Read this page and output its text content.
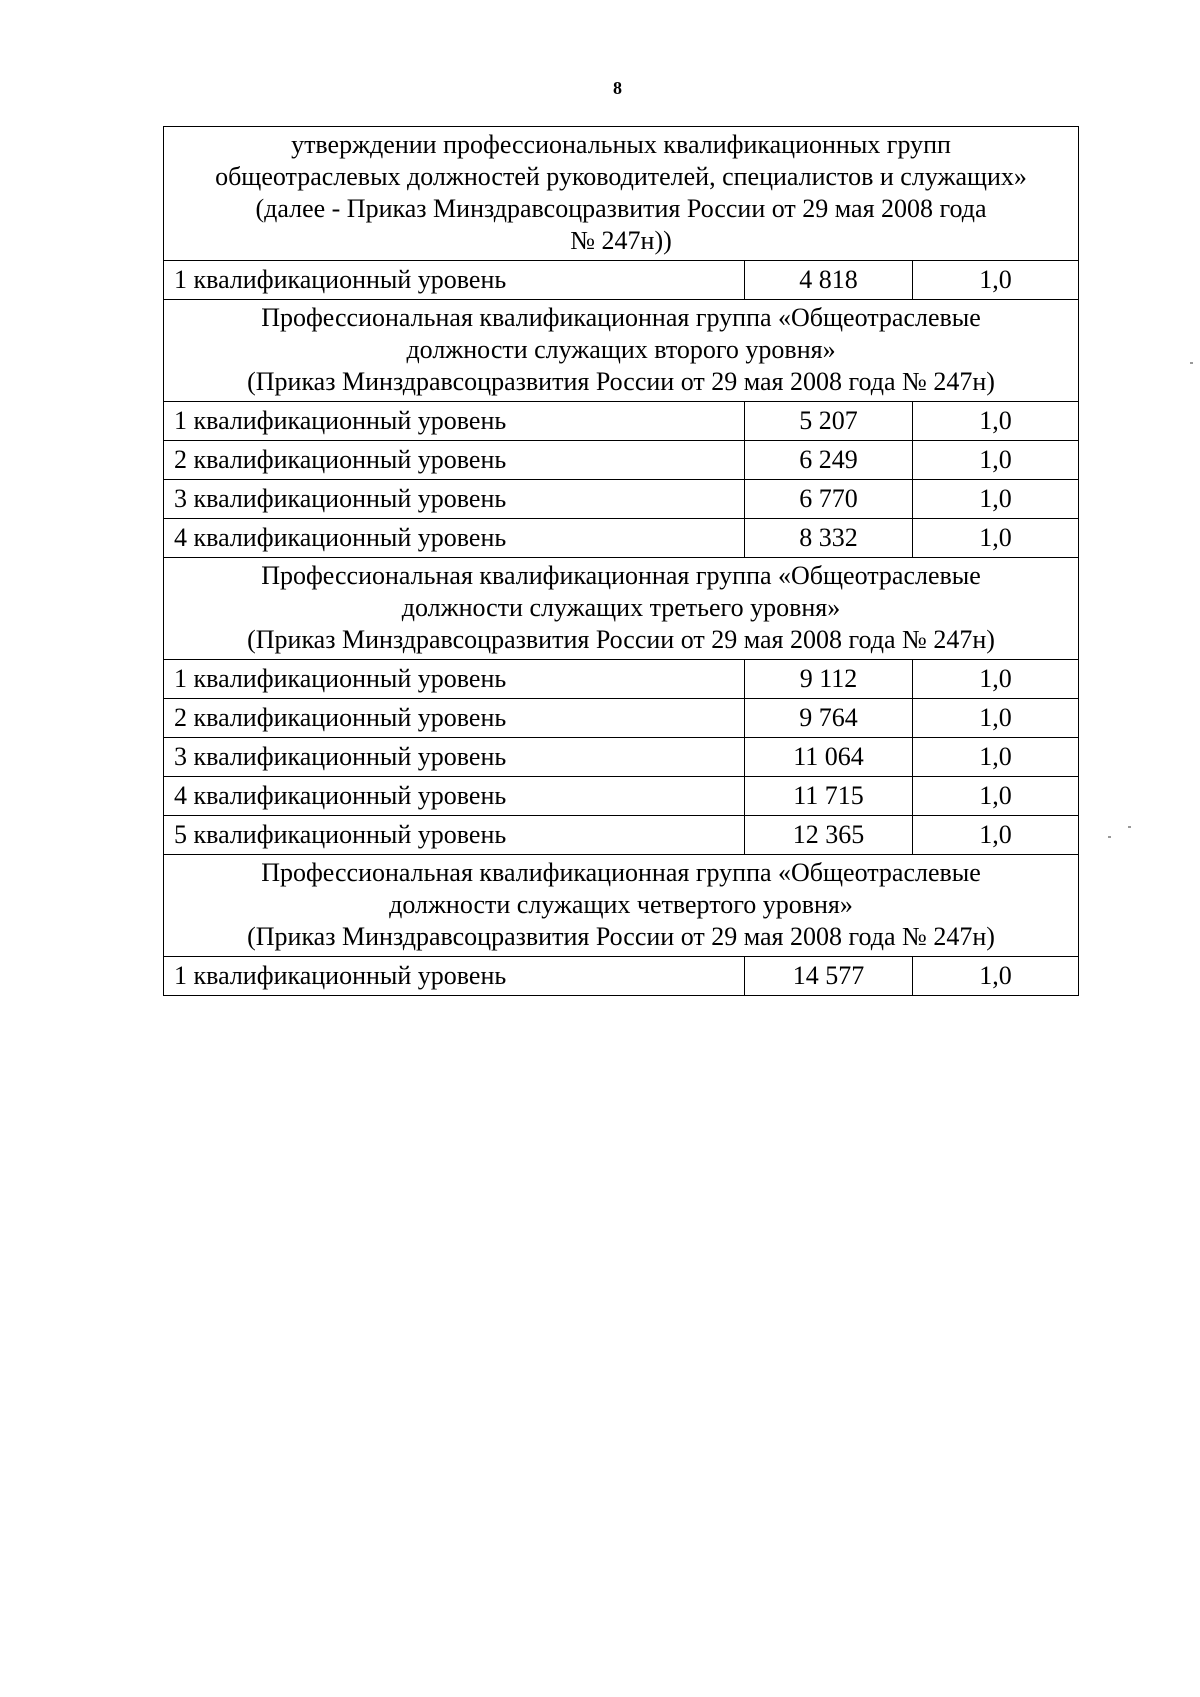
8
утверждении профессиональных квалификационных групп
общеотраслевых должностей руководителей, специалистов и служащих»
(далее - Приказ Минздравсоцразвития России от 29 мая 2008 года
№ 247н))		

1 квалификационный уровень	4 818	1,0

Профессиональная квалификационная группа «Общеотраслевые
должности служащих второго уровня»
(Приказ Минздравсоцразвития России от 29 мая 2008 года № 247н)		

1 квалификационный уровень	5 207	1,0
2 квалификационный уровень	6 249	1,0
3 квалификационный уровень	6 770	1,0
4 квалификационный уровень	8 332	1,0

Профессиональная квалификационная группа «Общеотраслевые
должности служащих третьего уровня»
(Приказ Минздравсоцразвития России от 29 мая 2008 года № 247н)		

1 квалификационный уровень	9 112	1,0
2 квалификационный уровень	9 764	1,0
3 квалификационный уровень	11 064	1,0
4 квалификационный уровень	11 715	1,0
5 квалификационный уровень	12 365	1,0

Профессиональная квалификационная группа «Общеотраслевые
должности служащих четвертого уровня»
(Приказ Минздравсоцразвития России от 29 мая 2008 года № 247н)		

1 квалификационный уровень	14 577	1,0
